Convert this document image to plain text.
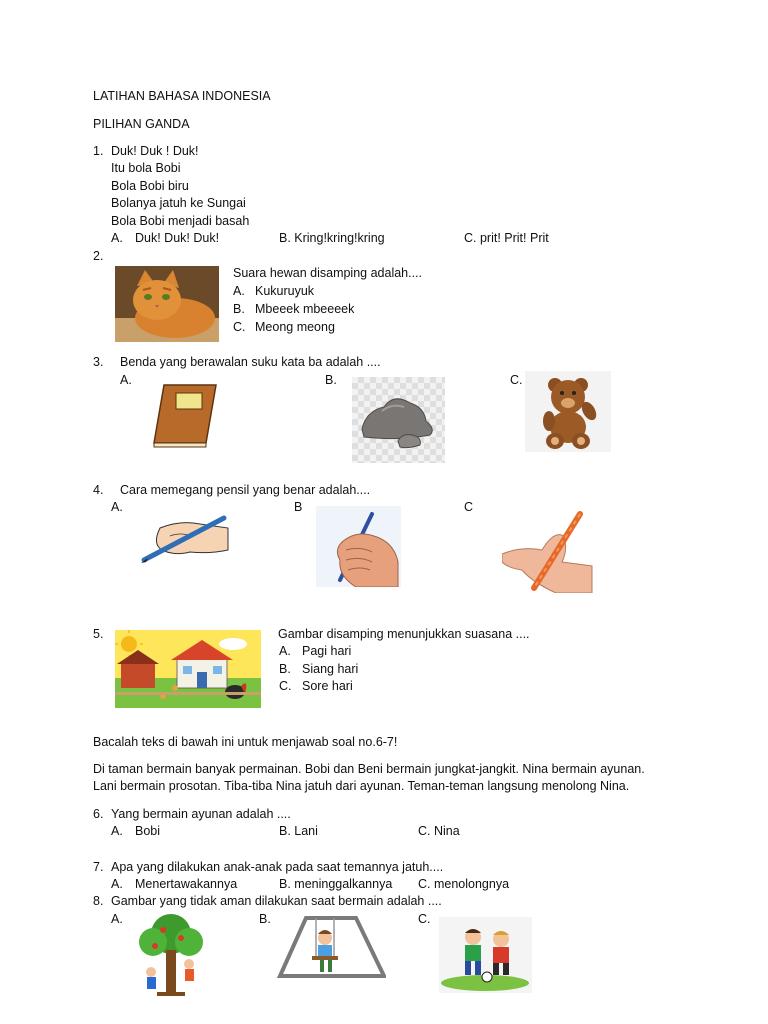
LATIHAN BAHASA INDONESIA
PILIHAN GANDA
1. Duk! Duk ! Duk!
Itu bola Bobi
Bola Bobi biru
Bolanya jatuh ke Sungai
Bola Bobi menjadi basah
A. Duk! Duk! Duk!	B. Kring!kring!kring	C. prit! Prit! Prit
2.
Suara hewan disamping adalah....
A. Kukuruyuk
B. Mbeeek mbeeeek
C. Meong meong
3. Benda yang berawalan suku kata ba adalah ....
A.	B.	C.
4. Cara memegang pensil yang benar adalah....
A.	B	C
5.	Gambar disamping menunjukkan suasana ....
A. Pagi hari
B. Siang hari
C. Sore hari
Bacalah teks di bawah ini untuk menjawab soal no.6-7!
Di taman bermain banyak permainan. Bobi dan Beni bermain jungkat-jangkit. Nina bermain ayunan.
Lani bermain prosotan. Tiba-tiba Nina jatuh dari ayunan. Teman-teman langsung menolong Nina.
6. Yang bermain ayunan adalah ....
A. Bobi	B. Lani	C. Nina
7. Apa yang dilakukan anak-anak pada saat temannya jatuh....
A. Menertawakannya	B. meninggalkannya C. menolongnya
8. Gambar yang tidak aman dilakukan saat bermain adalah ....
A.	B.	C.
